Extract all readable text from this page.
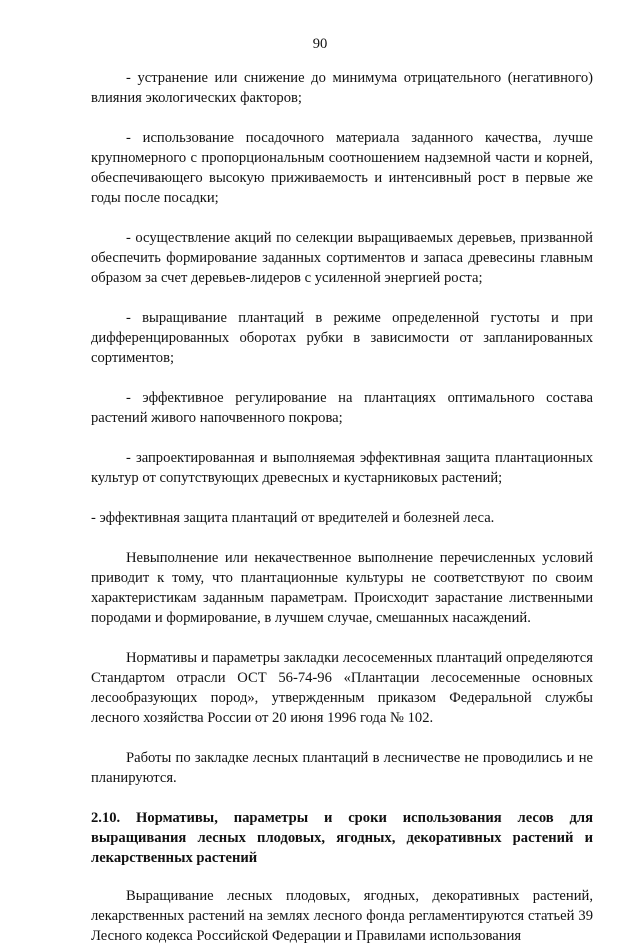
90

- устранение или снижение до минимума отрицательного (негативного) влияния экологических факторов;

- использование посадочного материала заданного качества, лучше крупномерного с пропорциональным соотношением надземной части и корней, обеспечивающего высокую приживаемость и интенсивный рост в первые же годы после посадки;

- осуществление акций по селекции выращиваемых деревьев, призванной обеспечить формирование заданных сортиментов и запаса древесины главным образом за счет деревьев-лидеров с усиленной энергией роста;

- выращивание плантаций в режиме определенной густоты и при дифференцированных оборотах рубки в зависимости от запланированных сортиментов;

- эффективное регулирование на плантациях оптимального состава растений живого напочвенного покрова;

- запроектированная и выполняемая эффективная защита плантационных культур от сопутствующих древесных и кустарниковых растений;

- эффективная защита плантаций от вредителей и болезней леса.

Невыполнение или некачественное выполнение перечисленных условий приводит к тому, что плантационные культуры не соответствуют по своим характеристикам заданным параметрам. Происходит зарастание лиственными породами и формирование, в лучшем случае, смешанных насаждений.

Нормативы и параметры закладки лесосеменных плантаций определяются Стандартом отрасли ОСТ 56-74-96 «Плантации лесосеменные основных лесообразующих пород», утвержденным приказом Федеральной службы лесного хозяйства России от 20 июня 1996 года № 102.

Работы по закладке лесных плантаций в лесничестве не проводились и не планируются.

2.10. Нормативы, параметры и сроки использования лесов для выращивания лесных плодовых, ягодных, декоративных растений и лекарственных растений

Выращивание лесных плодовых, ягодных, декоративных растений, лекарственных растений на землях лесного фонда регламентируются статьей 39 Лесного кодекса Российской Федерации и Правилами использования
